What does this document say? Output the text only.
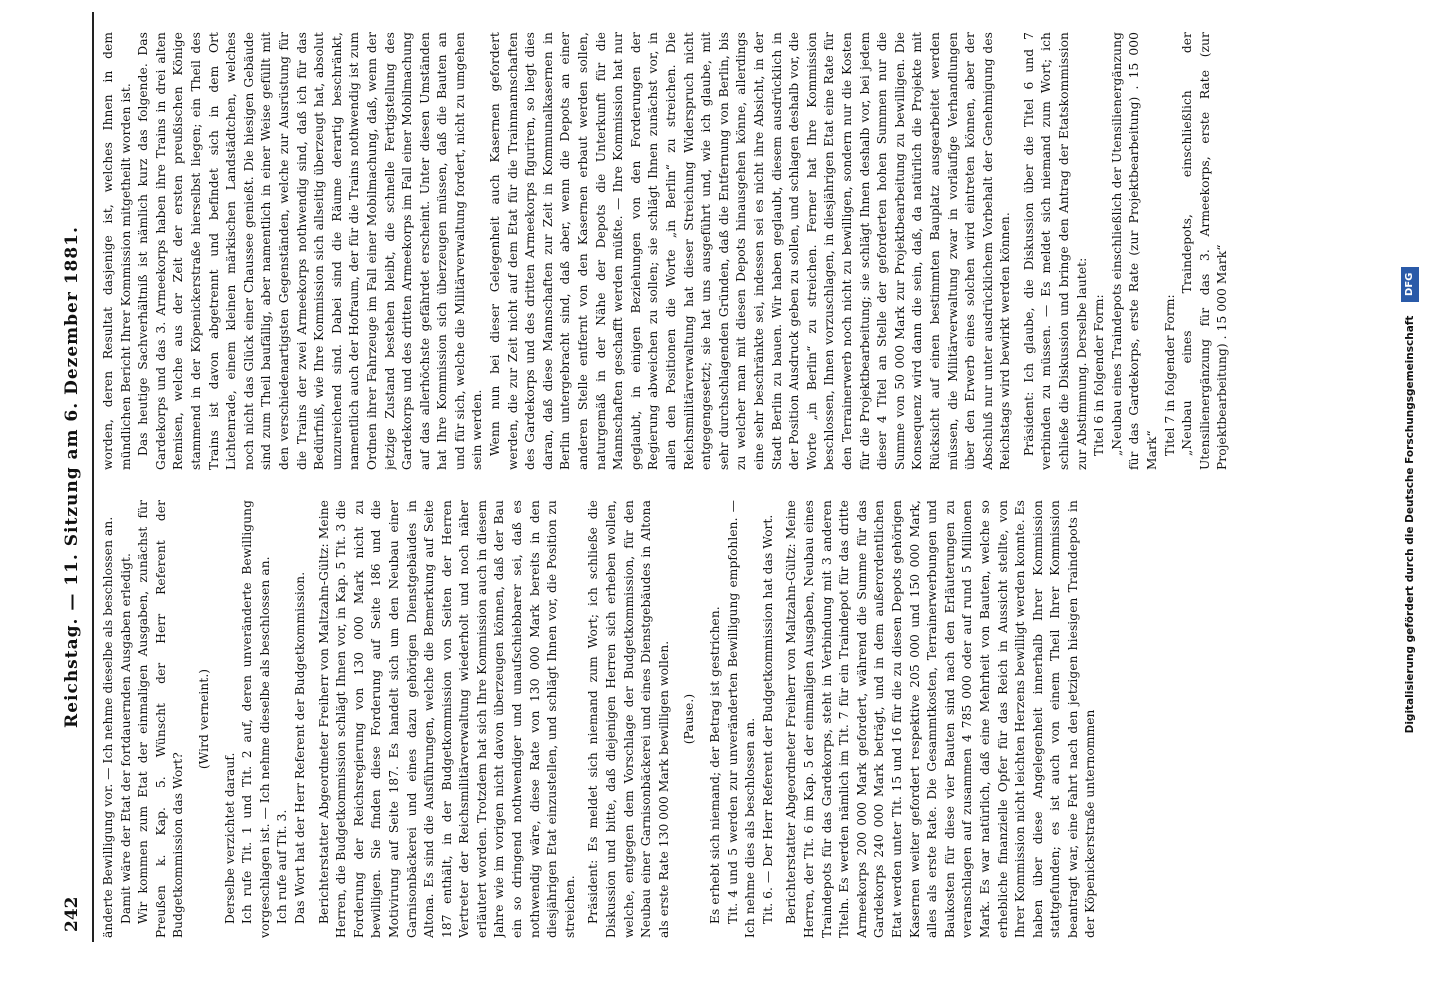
242
Reichstag. — 11. Sitzung am 6. Dezember 1881. änderte Bewilligung vor. — Ich nehme dieselbe als beschlossen an. Damit wäre der Etat der fortdauernden Ausgaben erledigt. Wir kommen zum Etat der einmaligen Ausgaben, zunächst für Preußen k. Kap. 5. Wünscht der Herr Referent der Budgetkommission das Wort?

(Wird verneint.)

Derselbe verzichtet darauf. Ich rufe Tit. 1 und Tit. 2 auf, deren unveränderte Bewilligung vorgeschlagen ist. — Ich nehme dieselbe als beschlossen an. Ich rufe auf Tit. 3. Das Wort hat der Herr Referent der Budgetkommission. Berichterstatter Abgeordneter Freiherr von Maltzahn-Gültz: Meine Herren, die Budgetkommission schlägt Ihnen vor, in Kap. 5 Tit. 3 die Forderung der Reichsregierung von 130 000 Mark nicht zu bewilligen. Sie finden diese Forderung auf Seite 186 und die Motivirung auf Seite 187. Es handelt sich um den Neubau einer Garnisonbäckerei und eines dazu gehörigen Dienstgebäudes in Altona. Es sind die Ausführungen, welche die Bemerkung auf Seite 187 enthält, in der Budgetkommission von Seiten der Herren Vertreter der Reichsmilitärverwaltung wiederholt und noch näher erläutert worden. Trotzdem hat sich Ihre Kommission auch in diesem Jahre wie im vorigen nicht davon überzeugen können, daß der Bau ein so dringend nothwendiger und unaufschiebbarer sei, daß es nothwendig wäre, diese Rate von 130 000 Mark bereits in den diesjährigen Etat einzustellen, und schlägt Ihnen vor, die Position zu streichen. Präsident: Es meldet sich niemand zum Wort; ich schließe die Diskussion und bitte, daß diejenigen Herren sich erheben wollen, welche, entgegen dem Vorschlage der Budgetkommission, für den Neubau einer Garnisonbäckerei und eines Dienstgebäudes in Altona als erste Rate 130 000 Mark bewilligen wollen. (Pause.) Es erhebt sich niemand; der Betrag ist gestrichen. Tit. 4 und 5 werden zur unveränderten Bewilligung empfohlen. — Ich nehme dies als beschlossen an. Tit. 6. — Der Herr Referent der Budgetkommission hat das Wort. Berichterstatter Abgeordneter Freiherr von Maltzahn-Gültz: Meine Herren, der Tit. 6 im Kap. 5 der einmaligen Ausgaben, Neubau eines Traindepots für das Gardekorps, steht in Verbindung mit 3 anderen Titeln. Es werden nämlich im Tit. 7 für ein Traindepot für das dritte Armeekorps 200 000 Mark gefordert, während die Summe für das Gardekorps 240 000 Mark beträgt, und in dem außerordentlichen Etat werden unter Tit. 15 und 16 für die zu diesen Depots gehörigen Kasernen weiter gefordert respektive 205 000 und 150 000 Mark, alles als erste Rate. Die Gesammtkosten, Terrainerwerbungen und Baukosten für diese vier Bauten sind nach den Erläuterungen zu veranschlagen auf zusammen 4 785 000 oder auf rund 5 Millionen Mark. Es war natürlich, daß eine Mehrheit von Bauten, welche so erhebliche finanzielle Opfer für das Reich in Aussicht stellte, von Ihrer Kommission nicht leichten Herzens bewilligt werden konnte. Es haben über diese Angelegenheit innerhalb Ihrer Kommission stattgefunden; es ist auch von einem Theil Ihrer Kommission beantragt war, eine Fahrt nach den jetzigen hiesigen Traindepots in der Köpenickerstraße unternommen

worden, deren Resultat dasjenige ist, welches Ihnen in dem mündlichen Bericht Ihrer Kommission mitgetheilt worden ist. Das heutige Sachverhältniß ist nämlich kurz das folgende. Das Gardekorps und das 3. Armeekorps haben ihre Trains in drei alten Remisen, welche aus der Zeit der ersten preußischen Könige stammend in der Köpenickerstraße hierselbst liegen; ein Theil des Trains ist davon abgetrennt und befindet sich in dem Ort Lichtenrade, einem kleinen märkischen Landstädtchen, welches noch nicht das Glück einer Chaussee genießt. Die hiesigen Gebäude sind zum Theil baufällig, aber namentlich in einer Weise gefüllt mit den verschiedenartigsten Gegenständen, welche zur Ausrüstung für die Trains der zwei Armeekorps nothwendig sind, daß ich für das Bedürfniß, wie Ihre Kommission sich allseitig überzeugt hat, absolut unzureichend sind. Dabei sind die Räume derartig beschränkt, namentlich auch der Hofraum, der für die Trains nothwendig ist zum Ordnen ihrer Fahrzeuge im Fall einer Mobilmachung, daß, wenn der jetzige Zustand bestehen bleibt, die schnelle Fertigstellung des Gardekorps und des dritten Armeekorps im Fall einer Mobilmachung auf das allerhöchste gefährdet erscheint. Unter diesen Umständen hat Ihre Kommission sich überzeugen müssen, daß die Bauten an und für sich, welche die Militärverwaltung fordert, nicht zu umgehen sein werden. Wenn nun bei dieser Gelegenheit auch Kasernen gefordert werden, die zur Zeit nicht auf dem Etat für die Trainmannschaften des Gardekorps und des dritten Armeekorps figuriren, so liegt dies daran, daß diese Mannschaften zur Zeit in Kommunalkasernen in Berlin untergebracht sind, daß aber, wenn die Depots an einer anderen Stelle entfernt von den Kasernen erbaut werden sollen, naturgemäß in der Nähe der Depots die Unterkunft für die Mannschaften geschafft werden müßte. — Ihre Kommission hat nur geglaubt, in einigen Beziehungen von den Forderungen der Regierung abweichen zu sollen; sie schlägt Ihnen zunächst vor, in allen den Positionen die Worte „in Berlin“ zu streichen. Die Reichsmilitärverwaltung hat dieser Streichung Widerspruch nicht entgegengesetzt; sie hat uns ausgeführt und, wie ich glaube, mit sehr durchschlagenden Gründen, daß die Entfernung von Berlin, bis zu welcher man mit diesen Depots hinausgehen könne, allerdings eine sehr beschränkte sei, indessen sei es nicht ihre Absicht, in der Stadt Berlin zu bauen. Wir haben geglaubt, diesem ausdrücklich in der Position Ausdruck geben zu sollen, und schlagen deshalb vor, die Worte „in Berlin“ zu streichen. Ferner hat Ihre Kommission beschlossen, Ihnen vorzuschlagen, in diesjährigen Etat eine Rate für den Terrainerwerb noch nicht zu bewilligen, sondern nur die Kosten für die Projektbearbeitung; sie schlägt Ihnen deshalb vor, bei jedem dieser 4 Titel an Stelle der geforderten hohen Summen nur die Summe von 50 000 Mark zur Projektbearbeitung zu bewilligen. Die Konsequenz wird dann die sein, daß, da natürlich die Projekte mit Rücksicht auf einen bestimmten Bauplatz ausgearbeitet werden müssen, die Militärverwaltung zwar in vorläufige Verhandlungen über den Erwerb eines solchen wird eintreten können, aber der Abschluß nur unter ausdrücklichem Vorbehalt der Genehmigung des Reichstags wird bewirkt werden können. Präsident: Ich glaube, die Diskussion über die Titel 6 und 7 verbinden zu müssen. — Es meldet sich niemand zum Wort; ich schließe die Diskussion und bringe den Antrag der Etatskommission zur Abstimmung. Derselbe lautet: Titel 6 in folgender Form: „Neubau eines Traindepots einschließlich der Utensilienergänzung für das Gardekorps, erste Rate (zur Projektbearbeitung) . 15 000 Mark“ Titel 7 in folgender Form: „Neubau eines Traindepots, einschließlich der Utensilienergänzung für das 3. Armeekorps, erste Rate (zur Projektbearbeitung) . 15 000 Mark“	Digitalisierung gefördert durch die Deutsche Forschungsgemeinschaft DFG
